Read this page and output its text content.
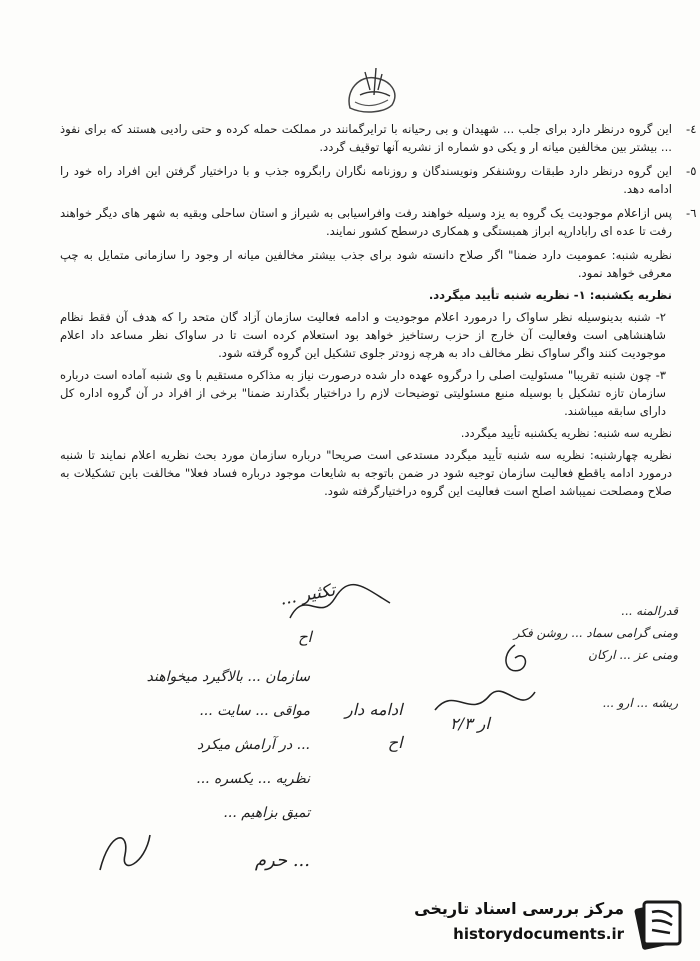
-٤

این گروه درنظر دارد برای جلب ... شهیدان و بی رحیانه با ترایرگمانند در مملکت حمله کرده و حتی رادیی هستند که برای نفوذ ... بیشتر بین مخالفین میانه ار و یکی دو شماره از نشریه آنها توقیف گردد.

-٥

این گروه درنظر دارد طبقات روشنفکر ونویسندگان و روزنامه نگاران رابگروه جذب و با دراختیار گرفتن این افراد راه خود را ادامه دهد.

-٦

پس ازاعلام موجودیت یک گروه به یزد وسیله خواهند رفت وافراسیابی به شیراز و استان ساحلی وبقیه به شهر های دیگر خواهند رفت تا عده ای رابادارپه ابراز همبستگی و همکاری درسطح کشور نمایند.

نظریه شنبه: عمومیت دارد ضمنا" اگر صلاح دانسته شود برای جذب بیشتر مخالفین میانه ار وجود را سازمانی متمایل به چپ معرفی خواهد نمود.

نظریه یکشنبه: ۱- نظریه شنبه تأیید میگردد.

۲- شنبه بدینوسیله نظر ساواک را درمورد اعلام موجودیت و ادامه فعالیت سازمان آزاد گان متحد را که هدف آن فقط نظام شاهنشاهی است وفعالیت آن خارج از حزب رستاخیز خواهد بود استعلام کرده است تا در ساواک نظر مساعد داد اعلام موجودیت کنند واگر ساواک نظر مخالف داد به هرچه زودتر جلوی تشکیل این گروه گرفته شود.

۳- چون شنبه تقریبا" مسئولیت اصلی را درگروه عهده دار شده درصورت نیاز به مذاکره مستقیم با وی شنبه آماده است درباره سازمان تازه تشکیل با بوسیله منبع مسئولیتی توضیحات لازم را دراختیار بگذارند ضمنا" برخی از افراد در آن گروه اداره کل دارای سابقه میباشند.

نظریه سه شنبه: نظریه یکشنبه تأیید میگردد.

نظریه چهارشنبه: نظریه سه شنبه تأیید میگردد مستدعی است صریحا" درباره سازمان مورد بحث نظریه اعلام نمایند تا شنبه درمورد ادامه یاقطع فعالیت سازمان توجیه شود در ضمن باتوجه به شایعات موجود درباره فساد فعلا" مخالفت باین تشکیلات به صلاح ومصلحت نمیباشد اصلح است فعالیت این گروه دراختیارگرفته شود.

تکثیر ...
اح
قدرالمنه ...
ومنی گرامی سماد ... روشن فکر
ومنی عز ... ارکان
ریشه ... ارو ...
ار ۲/۳
سازمان ... بالاگیرد میخواهند
مواقی ... سایت ...
... در آرامش میکرد
نظریه ... یکسره ...
تمیق بزاهیم ...
... حرم
ادامه دار
اح
مرکز بررسی اسناد تاریخی
historydocuments.ir
